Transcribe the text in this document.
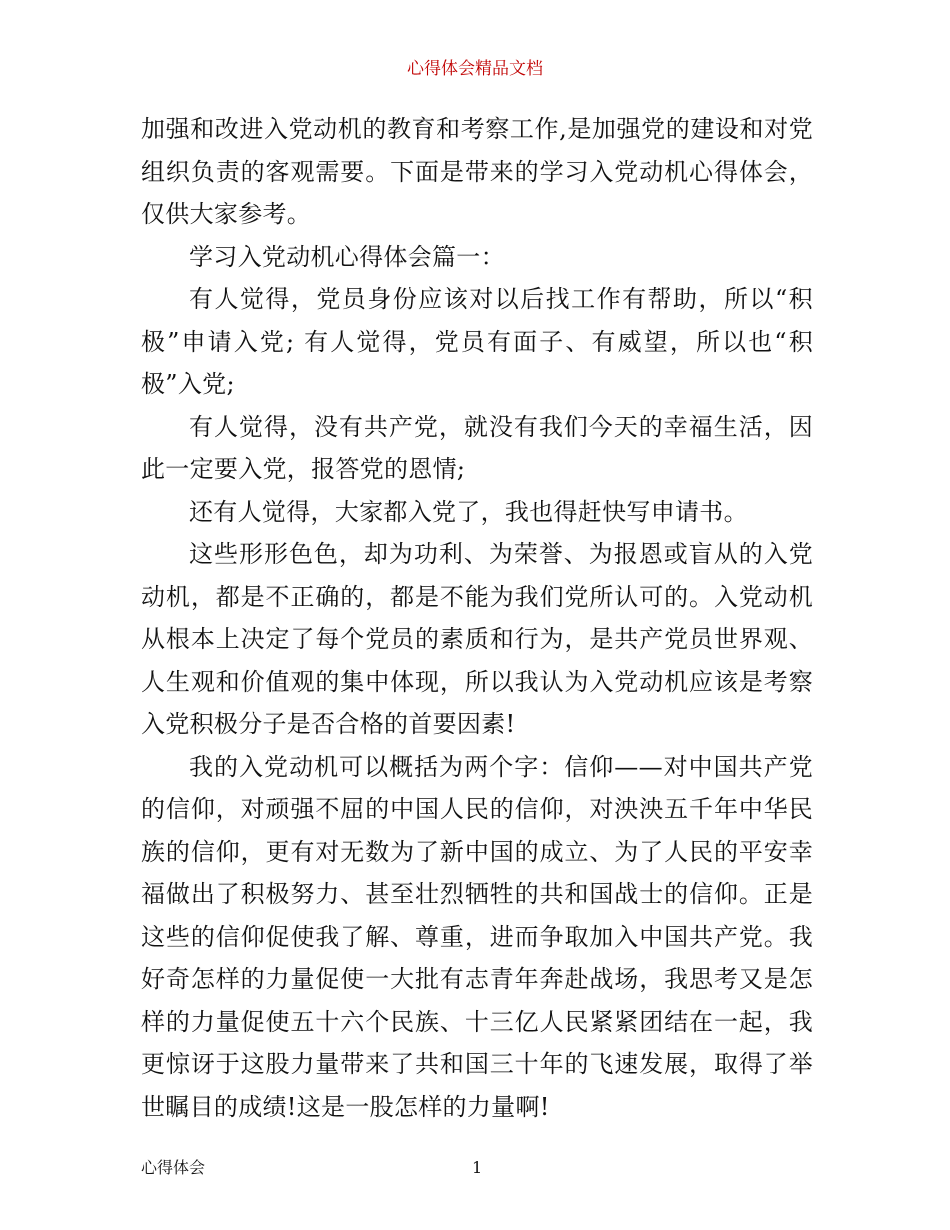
心得体会精品文档

加强和改进入党动机的教育和考察工作,是加强党的建设和对党组织负责的客观需要。下面是带来的学习入党动机心得体会，仅供大家参考。

学习入党动机心得体会篇一：

有人觉得，党员身份应该对以后找工作有帮助，所以“积极”申请入党; 有人觉得，党员有面子、有威望，所以也“积极”入党;

有人觉得，没有共产党，就没有我们今天的幸福生活，因此一定要入党，报答党的恩情;

还有人觉得，大家都入党了，我也得赶快写申请书。

这些形形色色，却为功利、为荣誉、为报恩或盲从的入党动机，都是不正确的，都是不能为我们党所认可的。入党动机从根本上决定了每个党员的素质和行为，是共产党员世界观、人生观和价值观的集中体现，所以我认为入党动机应该是考察入党积极分子是否合格的首要因素!

我的入党动机可以概括为两个字：信仰——对中国共产党的信仰，对顽强不屈的中国人民的信仰，对泱泱五千年中华民族的信仰，更有对无数为了新中国的成立、为了人民的平安幸福做出了积极努力、甚至壮烈牺牲的共和国战士的信仰。正是这些的信仰促使我了解、尊重，进而争取加入中国共产党。我好奇怎样的力量促使一大批有志青年奔赴战场，我思考又是怎样的力量促使五十六个民族、十三亿人民紧紧团结在一起，我更惊讶于这股力量带来了共和国三十年的飞速发展，取得了举世瞩目的成绩!这是一股怎样的力量啊!

心得体会	1
